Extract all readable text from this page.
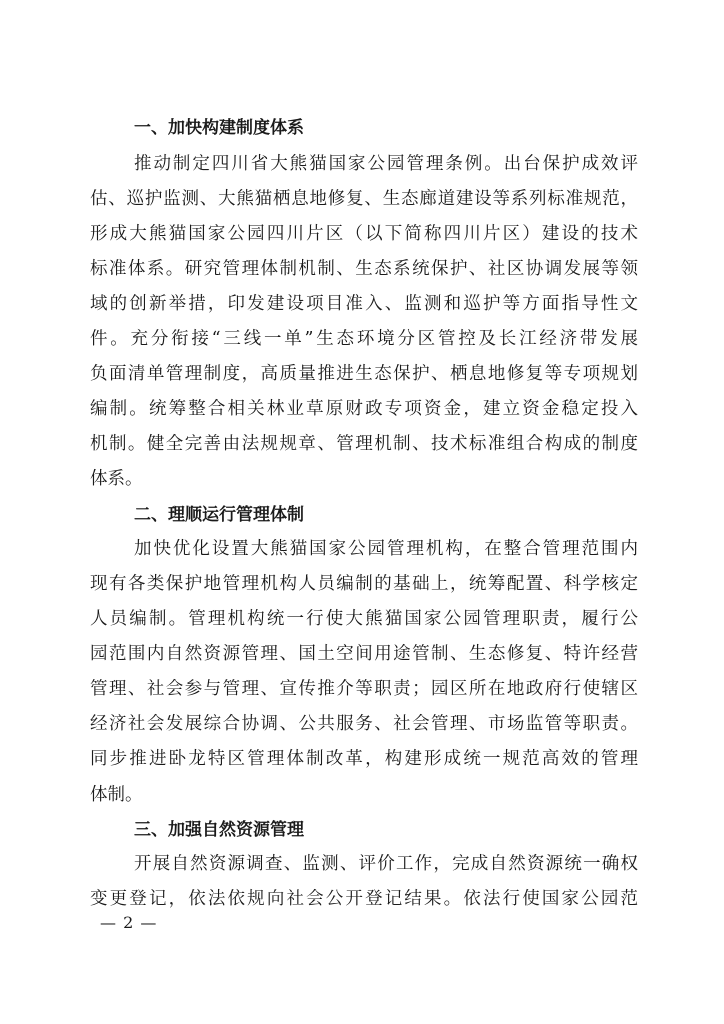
一、加快构建制度体系

推动制定四川省大熊猫国家公园管理条例。出台保护成效评

估、巡护监测、大熊猫栖息地修复、生态廊道建设等系列标准规范，

形成大熊猫国家公园四川片区（以下简称四川片区）建设的技术

标准体系。研究管理体制机制、生态系统保护、社区协调发展等领

域的创新举措，印发建设项目准入、监测和巡护等方面指导性文

件。充分衔接“三线一单”生态环境分区管控及长江经济带发展

负面清单管理制度，高质量推进生态保护、栖息地修复等专项规划

编制。统筹整合相关林业草原财政专项资金，建立资金稳定投入

机制。健全完善由法规规章、管理机制、技术标准组合构成的制度

体系。

二、理顺运行管理体制

加快优化设置大熊猫国家公园管理机构，在整合管理范围内

现有各类保护地管理机构人员编制的基础上，统筹配置、科学核定

人员编制。管理机构统一行使大熊猫国家公园管理职责，履行公

园范围内自然资源管理、国土空间用途管制、生态修复、特许经营

管理、社会参与管理、宣传推介等职责；园区所在地政府行使辖区

经济社会发展综合协调、公共服务、社会管理、市场监管等职责。

同步推进卧龙特区管理体制改革，构建形成统一规范高效的管理

体制。

三、加强自然资源管理

开展自然资源调查、监测、评价工作，完成自然资源统一确权

变更登记，依法依规向社会公开登记结果。依法行使国家公园范

— 2 —
